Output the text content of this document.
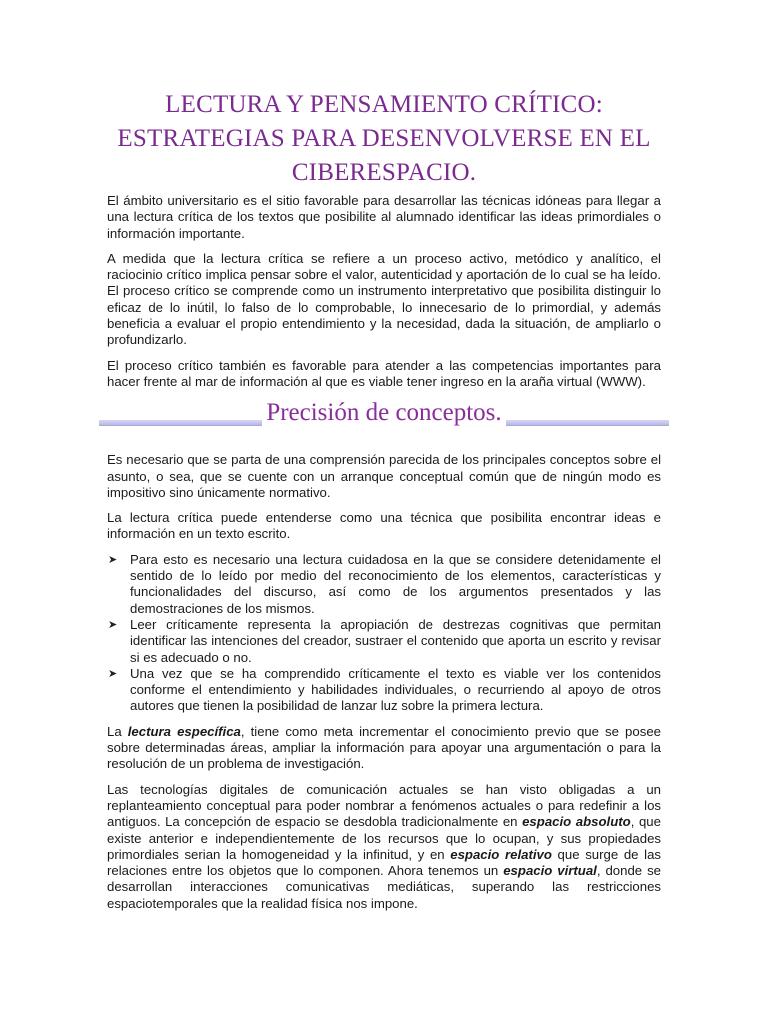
LECTURA Y PENSAMIENTO CRÍTICO:
ESTRATEGIAS PARA DESENVOLVERSE EN EL
CIBERESPACIO.

El ámbito universitario es el sitio favorable para desarrollar las técnicas idóneas para llegar a una lectura crítica de los textos que posibilite al alumnado identificar las ideas primordiales o información importante.

A medida que la lectura crítica se refiere a un proceso activo, metódico y analítico, el raciocinio crítico implica pensar sobre el valor, autenticidad y aportación de lo cual se ha leído. El proceso crítico se comprende como un instrumento interpretativo que posibilita distinguir lo eficaz de lo inútil, lo falso de lo comprobable, lo innecesario de lo primordial, y además beneficia a evaluar el propio entendimiento y la necesidad, dada la situación, de ampliarlo o profundizarlo.

El proceso crítico también es favorable para atender a las competencias importantes para hacer frente al mar de información al que es viable tener ingreso en la araña virtual (WWW).

Precisión de conceptos.

Es necesario que se parta de una comprensión parecida de los principales conceptos sobre el asunto, o sea, que se cuente con un arranque conceptual común que de ningún modo es impositivo sino únicamente normativo.

La lectura crítica puede entenderse como una técnica que posibilita encontrar ideas e información en un texto escrito.

➤ Para esto es necesario una lectura cuidadosa en la que se considere detenidamente el sentido de lo leído por medio del reconocimiento de los elementos, características y funcionalidades del discurso, así como de los argumentos presentados y las demostraciones de los mismos.
➤ Leer críticamente representa la apropiación de destrezas cognitivas que permitan identificar las intenciones del creador, sustraer el contenido que aporta un escrito y revisar si es adecuado o no.
➤ Una vez que se ha comprendido críticamente el texto es viable ver los contenidos conforme el entendimiento y habilidades individuales, o recurriendo al apoyo de otros autores que tienen la posibilidad de lanzar luz sobre la primera lectura.

La lectura específica, tiene como meta incrementar el conocimiento previo que se posee sobre determinadas áreas, ampliar la información para apoyar una argumentación o para la resolución de un problema de investigación.

Las tecnologías digitales de comunicación actuales se han visto obligadas a un replanteamiento conceptual para poder nombrar a fenómenos actuales o para redefinir a los antiguos. La concepción de espacio se desdobla tradicionalmente en espacio absoluto, que existe anterior e independientemente de los recursos que lo ocupan, y sus propiedades primordiales serian la homogeneidad y la infinitud, y en espacio relativo que surge de las relaciones entre los objetos que lo componen. Ahora tenemos un espacio virtual, donde se desarrollan interacciones comunicativas mediáticas, superando las restricciones espaciotemporales que la realidad física nos impone.
